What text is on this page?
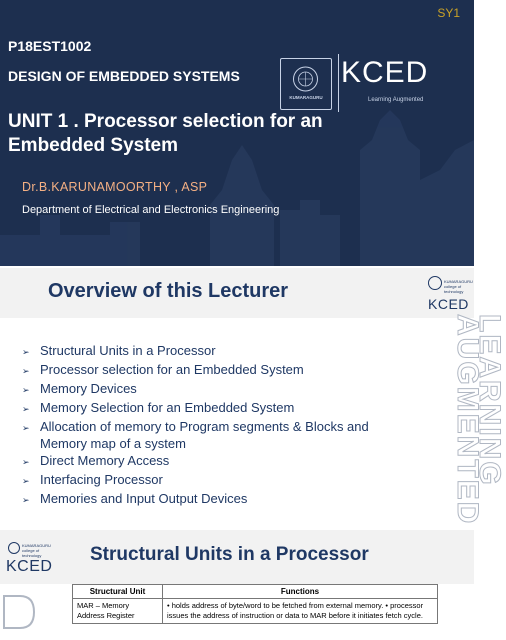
SY1
P18EST1002
DESIGN OF EMBEDDED SYSTEMS
UNIT 1 . Processor selection for an
Embedded System
Dr.B.KARUNAMOORTHY , ASP
Department of Electrical and Electronics Engineering
KUMARAGURU
KCED
Learning Augmented
Overview of this Lecturer	KUMARAGURU college of technology
KCED
LEARNING AUGMENTED
➢ Structural Units in a Processor
➢ Processor selection for an Embedded System
➢ Memory Devices
➢ Memory Selection for an Embedded System
➢ Allocation of memory to Program segments & Blocks and Memory map of a system
➢ Direct Memory Access
➢ Interfacing Processor
➢ Memories and Input Output Devices
KUMARAGURU college of technology
KCED
Structural Units in a Processor
Structural Unit	Functions
MAR – Memory Address Register	• holds address of byte/word to be fetched from external memory. • processor issues the address of instruction or data to MAR before it initiates fetch cycle.
